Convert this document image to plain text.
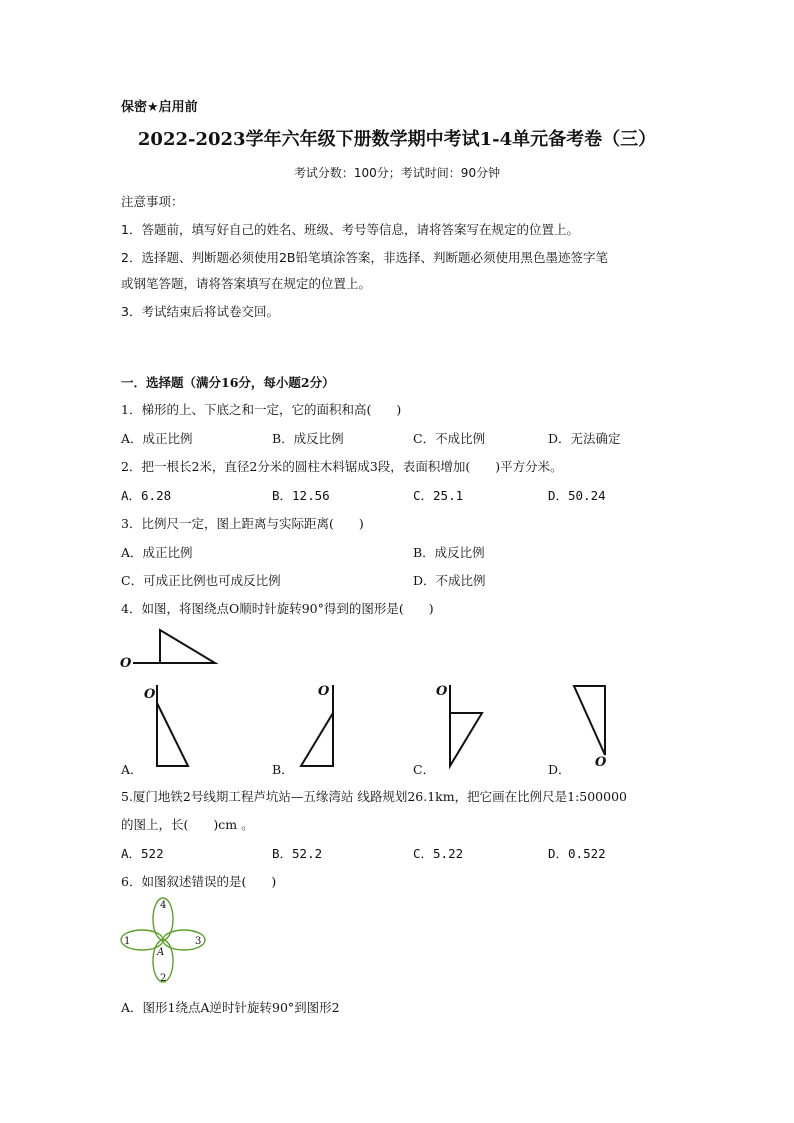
保密★启用前
2022-2023学年六年级下册数学期中考试1-4单元备考卷（三）
考试分数：100分；考试时间：90分钟
注意事项：
1．答题前，填写好自己的姓名、班级、考号等信息，请将答案写在规定的位置上。
2．选择题、判断题必须使用2B铅笔填涂答案，非选择、判断题必须使用黑色墨迹签字笔
或钢笔答题，请将答案填写在规定的位置上。
3．考试结束后将试卷交回。
一．选择题（满分16分，每小题2分）
1．梯形的上、下底之和一定，它的面积和高(　　)
A．成正比例	B．成反比例	C．不成比例	D．无法确定
2．把一根长2米，直径2分米的圆柱木料锯成3段，表面积增加(　　)平方分米。
A．6.28	B．12.56	C．25.1	D．50.24
3．比例尺一定，图上距离与实际距离(　　)
A．成正比例	B．成反比例
C．可成正比例也可成反比例	D．不成比例
4．如图，将图绕点O顺时针旋转90°得到的图形是(　　)
O
O	O	O
O
A．	B．	C．	D．
5.厦门地铁2号线期工程芦坑站—五缘湾站 线路规划26.1km，把它画在比例尺是1:500000
的图上，长(　　)cm 。
A．522	B．52.2	C．5.22	D．0.522
6．如图叙述错误的是(　　)
1
2
3
4
A
A．图形1绕点A逆时针旋转90°到图形2
